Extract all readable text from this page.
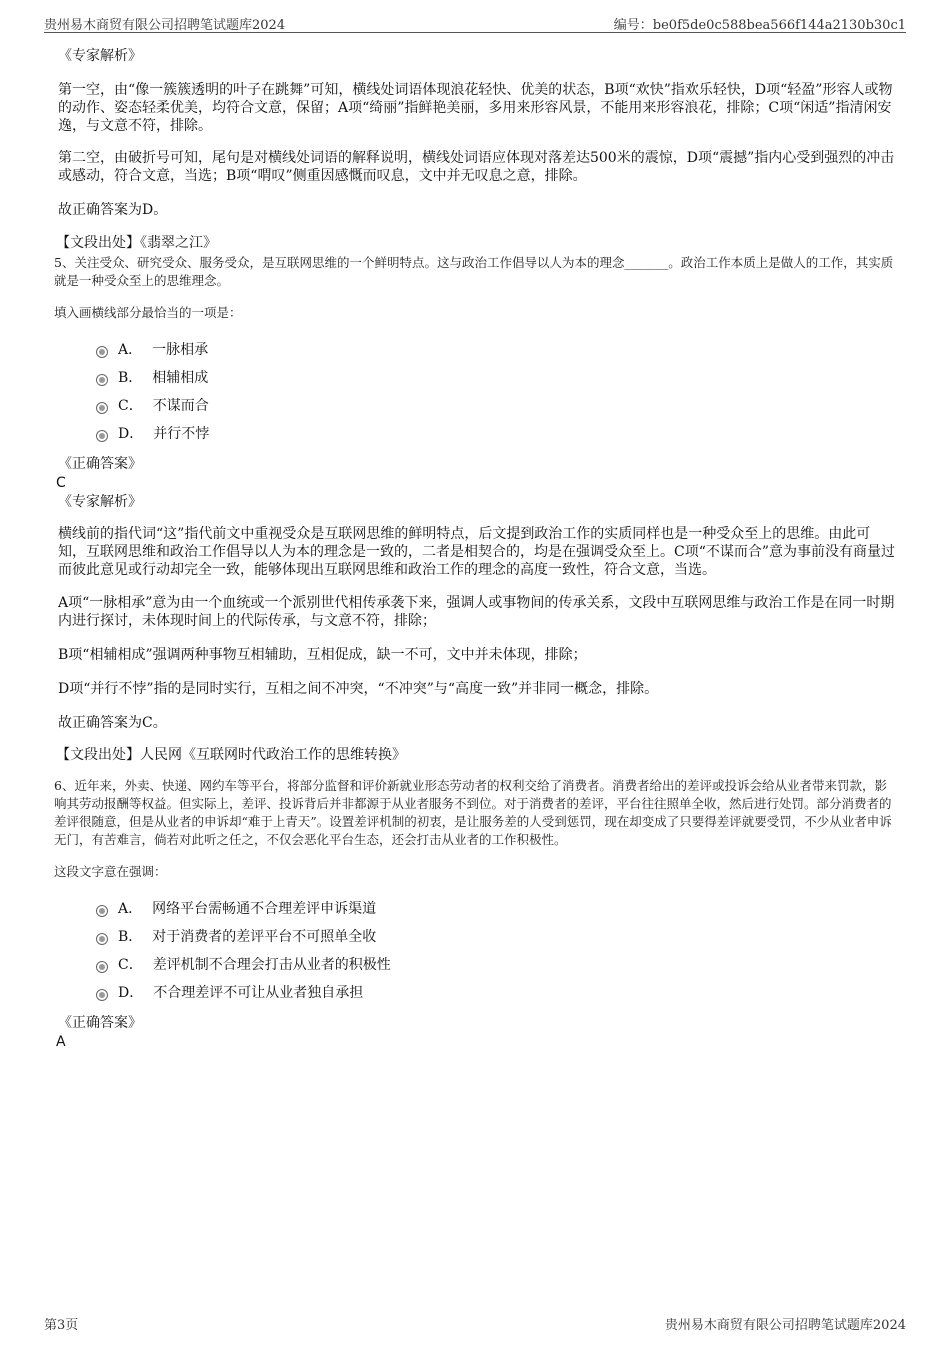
贵州易木商贸有限公司招聘笔试题库2024	编号：be0f5de0c588bea566f144a2130b30c1
《专家解析》

第一空，由“像一簇簇透明的叶子在跳舞”可知，横线处词语体现浪花轻快、优美的状态，B项“欢快”指欢乐轻快，D项“轻盈”形容人或物的动作、姿态轻柔优美，均符合文意，保留；A项“绮丽”指鲜艳美丽，多用来形容风景，不能用来形容浪花，排除；C项“闲适”指清闲安逸，与文意不符，排除。

第二空，由破折号可知，尾句是对横线处词语的解释说明，横线处词语应体现对落差达500米的震惊，D项“震撼”指内心受到强烈的冲击或感动，符合文意，当选；B项“喟叹”侧重因感慨而叹息，文中并无叹息之意，排除。

故正确答案为D。

【文段出处】《翡翠之江》

5、关注受众、研究受众、服务受众，是互联网思维的一个鲜明特点。这与政治工作倡导以人为本的理念_______。政治工作本质上是做人的工作，其实质就是一种受众至上的思维理念。

填入画横线部分最恰当的一项是：
A． 一脉相承
B． 相辅相成
C． 不谋而合
D． 并行不悖
《正确答案》
C
《专家解析》

横线前的指代词“这”指代前文中重视受众是互联网思维的鲜明特点，后文提到政治工作的实质同样也是一种受众至上的思维。由此可知，互联网思维和政治工作倡导以人为本的理念是一致的，二者是相契合的，均是在强调受众至上。C项“不谋而合”意为事前没有商量过而彼此意见或行动却完全一致，能够体现出互联网思维和政治工作的理念的高度一致性，符合文意，当选。

A项“一脉相承”意为由一个血统或一个派别世代相传承袭下来，强调人或事物间的传承关系，文段中互联网思维与政治工作是在同一时期内进行探讨，未体现时间上的代际传承，与文意不符，排除；

B项“相辅相成”强调两种事物互相辅助，互相促成，缺一不可，文中并未体现，排除；

D项“并行不悖”指的是同时实行，互相之间不冲突，“不冲突”与“高度一致”并非同一概念，排除。

故正确答案为C。

【文段出处】人民网《互联网时代政治工作的思维转换》

6、近年来，外卖、快递、网约车等平台，将部分监督和评价新就业形态劳动者的权利交给了消费者。消费者给出的差评或投诉会给从业者带来罚款，影响其劳动报酬等权益。但实际上，差评、投诉背后并非都源于从业者服务不到位。对于消费者的差评，平台往往照单全收，然后进行处罚。部分消费者的差评很随意，但是从业者的申诉却“难于上青天”。设置差评机制的初衷，是让服务差的人受到惩罚，现在却变成了只要得差评就要受罚，不少从业者申诉无门，有苦难言，倘若对此听之任之，不仅会恶化平台生态，还会打击从业者的工作积极性。

这段文字意在强调：
A． 网络平台需畅通不合理差评申诉渠道
B． 对于消费者的差评平台不可照单全收
C． 差评机制不合理会打击从业者的积极性
D． 不合理差评不可让从业者独自承担
《正确答案》
A
第3页	贵州易木商贸有限公司招聘笔试题库2024
